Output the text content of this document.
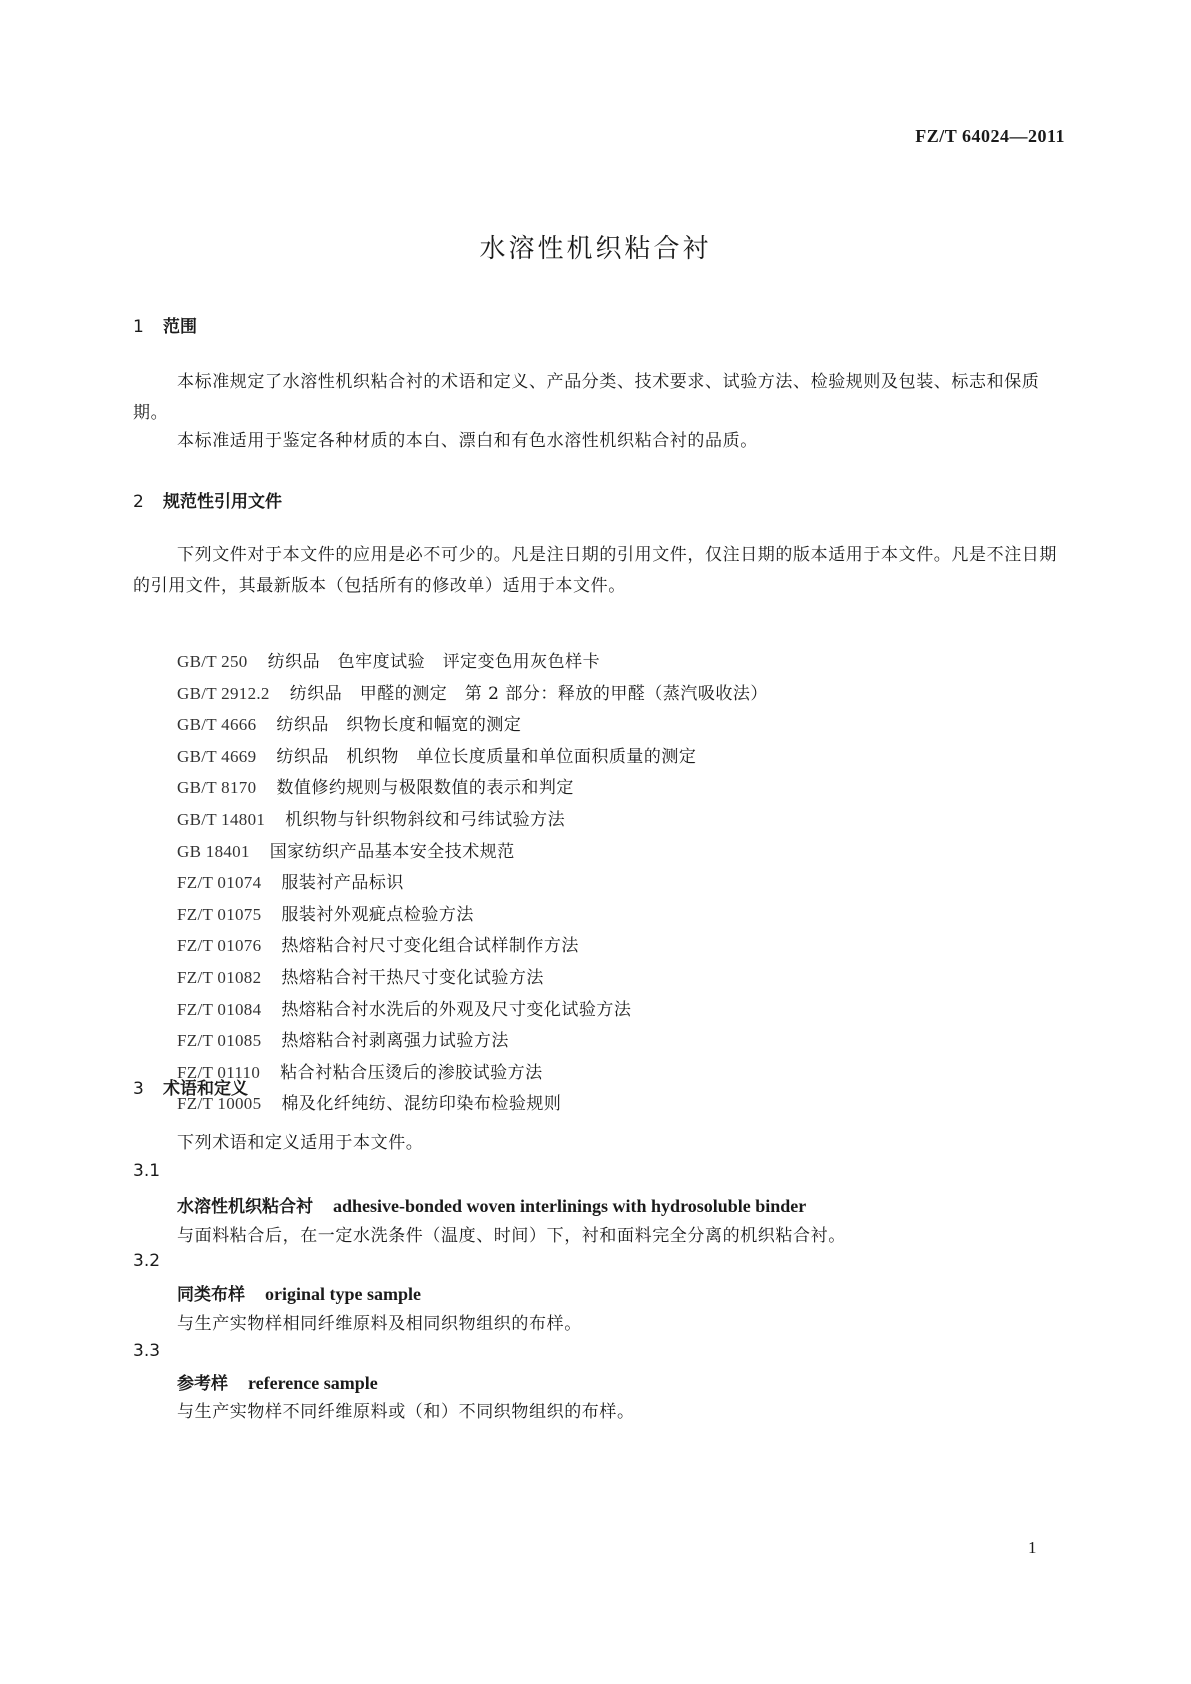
FZ/T 64024—2011
水溶性机织粘合衬
1 范围
本标准规定了水溶性机织粘合衬的术语和定义、产品分类、技术要求、试验方法、检验规则及包装、标志和保质期。
本标准适用于鉴定各种材质的本白、漂白和有色水溶性机织粘合衬的品质。
2 规范性引用文件
下列文件对于本文件的应用是必不可少的。凡是注日期的引用文件，仅注日期的版本适用于本文件。凡是不注日期的引用文件，其最新版本（包括所有的修改单）适用于本文件。
GB/T 250 纺织品　色牢度试验　评定变色用灰色样卡
GB/T 2912.2 纺织品　甲醛的测定　第 2 部分：释放的甲醛（蒸汽吸收法）
GB/T 4666 纺织品　织物长度和幅宽的测定
GB/T 4669 纺织品　机织物　单位长度质量和单位面积质量的测定
GB/T 8170 数值修约规则与极限数值的表示和判定
GB/T 14801 机织物与针织物斜纹和弓纬试验方法
GB 18401 国家纺织产品基本安全技术规范
FZ/T 01074 服装衬产品标识
FZ/T 01075 服装衬外观疵点检验方法
FZ/T 01076 热熔粘合衬尺寸变化组合试样制作方法
FZ/T 01082 热熔粘合衬干热尺寸变化试验方法
FZ/T 01084 热熔粘合衬水洗后的外观及尺寸变化试验方法
FZ/T 01085 热熔粘合衬剥离强力试验方法
FZ/T 01110 粘合衬粘合压烫后的渗胶试验方法
FZ/T 10005 棉及化纤纯纺、混纺印染布检验规则
3 术语和定义
下列术语和定义适用于本文件。
3.1
水溶性机织粘合衬 adhesive-bonded woven interlinings with hydrosoluble binder
与面料粘合后，在一定水洗条件（温度、时间）下，衬和面料完全分离的机织粘合衬。
3.2
同类布样 original type sample
与生产实物样相同纤维原料及相同织物组织的布样。
3.3
参考样 reference sample
与生产实物样不同纤维原料或（和）不同织物组织的布样。
1
